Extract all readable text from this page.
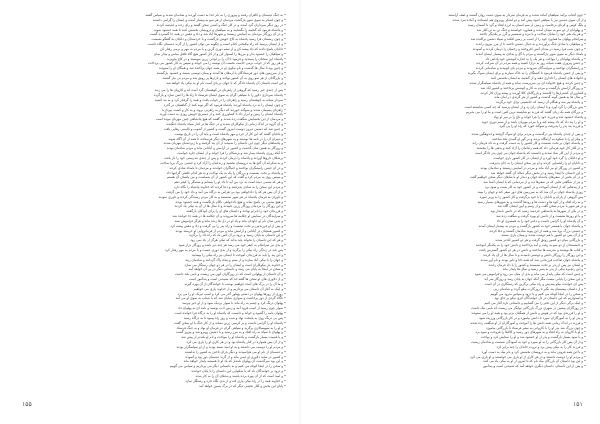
• به جنگ دشمنان و کافران رفتند و پیروزی را به نام خدا به دست آوردند و شادمان شدند و سپاس گفتند
• و چون لشکر به سوی شهر بازگشت مردمان از هر سو به پیشباز آمدند و ایشان را گرامی داشتند
• در روز دیگر سرداران گرد آمدند و در کار جنگ و آشتی سخن گفتند و رای زدند و اندیشه کردند
• و پادشاه فرمود که گنجینه را بگشایند و به سپاهیان و درویشان بخشش کنند تا همه خشنود شوند
• و در آن روزگار مردمان به آسایش زیستند و شهرها آباد شد و داد و دهش در همه جا گسترده گشت
• و چون زمستان فرا رسید پادشاه به کاخ خویش بازگشت و با خردمندان و دانایان به گفتگو نشست
• و از ایشان پرسید که راه نیکبختی کدام است و چگونه می توان کشور را از گزند دشمنان نگاه داشت
• دانایان پاسخ دادند که داد پیشه کن و از ستم دوری گزین و با مردم به مهر و نرمی رفتار کن
• و سپاهیان را خشنود بدار و مرزها را استوار کن و از کار کشور هیچ گاه غافل مباش و بیدار بمان
• پادشاه این سخنان را پسندید و فرمود تا آن را بر لوحی زرین بنویسند و در کاخ بیاویزند
• و هر روز که از خواب برمی خاست نخست آن نوشته را می خواند و سپس به کار کشور می پرداخت
• و چنین بود تا سال ها گذشت و نام نیکوی او در همه جهان پراکنده شد و همگان او را ستودند
• و از سرزمین های دور فرستادگان با ارمغان ها آمدند و پیمان دوستی بستند و خشنود بازگشتند
• و بازرگانان از هر سو روی به آن کشور نهادند و بازارها پر رونق شد و مردم بی نیاز گشتند
و این است داستان آن پادشاه دادگر که تا جهان بر پای است نام او به نیکی یاد خواهد شد
• پس از چندی خبر رسید که گروهی از راهزنان در کوهستان گرد آمده اند و کاروان ها را می زنند
• پادشاه سرداری دلاور را با سپاهی گران به سوی ایشان فرستاد تا راه ها را ایمن سازد و بازگردد
• سردار شبانه به کوهستان رسید و راهزنان را در خواب یافت و همه را گرفتار کرد و به بند کشید
• و چون ایشان را به نزد پادشاه آوردند پادشاه فرمود که اگر توبه کنند از گناهشان در گذرد
• راهزنان پشیمان شدند و سوگند خوردند که دیگر به راهزنی نروند و به کار و کشت بپردازند
• پادشاه ایشان را زمین و ابزار داد تا کشاورزی کنند و از دسترنج خویش روزی به دست آورند
• و مردمان از این بخشایش شگفت زده شدند و گفتند که هیچ پادشاهی چنین مهربان نبوده است
• و آن گروه در اندک زمانی از نیکوکاران شدند و در جنگ ها در کنار سپاه پادشاه جنگیدند
• و چنین شد که دشمن دیروز دوست امروز گشت و کشور از آشوب و ناایمنی رهایی یافت
• و دانایان گفتند که این کار از خرد و مهر پادشاه است و باید آن را در تاریخ نوشت
• و دبیران آن را در نامه ها نوشتند و به شهرهای دیگر فرستادند تا همه از آن آگاه شوند
• و پادشاهان دیگر چون این داستان را شنیدند از آن پند گرفتند و با زیردستان مهربان شدند
• و روزگار به همین سان گذشت و کشور در آرامش و آبادانی ماند و مردم شادمان بودند
• تا آنکه روزی پادشاه بیمار شد و پزشکان را فرا خواند و از ایشان چاره خواست
• پزشکان داروها آوردند و پادشاه را درمان کردند و پس از چندی تندرستی خود را باز یافت
• و به شکرانه آن گنج ها به درویشان بخشید و زندانیان را آزاد کرد و جشنی بزرگ برپا ساخت
• و در آن جشن رامشگران نواختند و خنیاگران خواندند و مردمان تا بامداد شادی کردند
• و پادشاه بر تخت نشست و بزرگان را یک به یک نواخت و به هر کدام خلعتی گرانبها داد
• و سپس روی به مردم کرد و گفت که این کشور از آن شماست و من پاسبان آن هستم
• و هر که ستمی دیده است به نزد من آید تا داد او را بستانم و ستمگر را کیفر دهم
• و مردم این سخن را به شادی پذیرفتند و دعا کردند که خداوند پادشاه را نگاه دارد
• و از آن پس هر که را دادخواهی بود بی هراس به درگاه می آمد و داد خود را می گرفت
• و داوران به فرمان پادشاه در هر شهر نشستند و به کار مردم رسیدگی کردند و داوری نمودند
• و هیچ ستمی بی پاسخ نماند و هیچ دادخواهی ناکام بازنگشت و همه خشنود بودند
• و این روزگار را مردمان روزگار زرین نامیدند و تا سال ها از آن به نیکی یاد کردند
• و فرزندان خود را نام او نهادند و داستان های او را برای کودکان بازگفتند
• و سرایندگان در ستایش او چکامه ها سرودند و آن چکامه ها در همه جا خوانده شد
• و بدین سان نام او جاودان ماند و یاد او در دل ها زنده ماند و هرگز فراموش نشد
• و پس از او فرزندش بر تخت نشست و راه پدر را پی گرفت و داد و دهش پیشه کرد
• و کشور همچنان در آبادانی و آرامش ماند و مردم از فرمانروایی او خرسند بودند
• و این داستان به پایان رسید و درود بر آن کس باد که راه داد را برگزید
• و هر که این داستان را بخواند باید بداند که نیکی هرگز از یاد نمی رود
• و بدی نیز سرانجام به کیفر خود می رسد هر چند دیر باشد و روزگار دراز شود
• پس باید در زندگی راه نیکی را برگزید و از بدی دوری جست و با مردم به مهر رفتار کرد
• و این پند را باید به فرزندان آموخت تا ایشان نیز راه نیکی را بپیمایند
• و جهان را با نیکی آباد سازند و از ستم و بیداد پاک گردانند و شادمان زیند
• و خداوند یار نیکوکاران است و ایشان را در هر دو جهان رستگار می سازد
• و سخن در اینجا به پایان می رسد و داستانی دیگر در پی آن خواهد آمد
• و آن داستان از پهلوانی است که در روزگاران کهن می زیست و نامی بلند داشت
• و از دلاوری های او سخن ها گفته اند که شنیدنی است و پندآموز است
• و ما آن را در برگ های آینده خواهیم نوشت تا خوانندگان از آن بهره گیرند
• و اینک به آغاز آن داستان می پردازیم و از خداوند یاری می خواهیم
• روزی از روزها پهلوان در دشتی پهناور گذر می کرد و اسب تیزتک او را می برد
• ناگاه گردی از دور برخاست و سواری نمایان شد که با شتاب به سوی او می آمد
• پهلوان درنگ کرد و چشم به راه ماند تا سوار نزدیک شود و از او خبر بپرسد
• سوار چون رسید از اسب فرود آمد و زمین ادب بوسید و نامه ای به پهلوان داد
• پهلوان نامه را گشود و خواند و دانست که پادشاه او را به درگاه فرا خوانده است
• پس بی درنگ روی به پایتخت نهاد و شب و روز راه پیمود تا به درگاه رسید
• پادشاه او را گرامی داشت و بر کرسی زرین نشاند و از کار جنگ با او سخن گفت
• و او را به سپهسالاری برگزید و سپاهی گران در فرمان او نهاد و به جنگ فرستاد
• و پهلوان با سپاه به راه افتاد و به مرز رسید و با دشمن روبرو شد و پیروز گشت
• و با غنیمت بسیار بازگشت و پادشاه او را بنواخت و نام او بلندتر از پیش شد
• و از آن پس همواره در کنار پادشاه بود و در هر کاری او را یاری می کرد
• و مردم او را دوست می داشتند و به او امید بسته بودند و از او سپاسگزار بودند
• و دشمنان از نام او می هراسیدند و دیگر یارای تاختن به کشور را نداشتند
• و کشور در سایه دلاوری او ایمن ماند و از گزند دشمنان دور بود و آسوده
• و این بود سرگذشت آن پهلوان نامدار که یاد او تا همیشه پایدار خواهد ماند
• و سخن را در اینجا کوتاه می کنیم و به داستانی دیگر می پردازیم و سپاس می گوییم
• و درود بر خوانندگان باد که با شکیبایی این داستان را تا پایان خواندند
• و امید است که از آن بهره برده باشند و پندهای آن را به کار بندند
• و خداوند همه را در راه نیکی یاری کند و از بدی نگاه دارد و رستگار سازد
• پایان این بخش و آغاز بخشی دیگر که در برگ پسین خواهد آمد
۱۵۵
• چون آفتاب برآمد سپاهیان آماده شدند و به فرمان سردار به سوی دشت روان گشتند و صف آراستند
و از آن سوی دشمن نیز با سپاهی انبوه پیش آمد و دو لشکر روبروی هم ایستادند و آماده نبرد شدند
و بانگ کوس و کرنای برخاست و زمین از سم اسبان به لرزه افتاد و گرد تا آسمان رسید
• و پهلوانان از دو سو به میدان آمدند و هماورد خواستند و جنگ تن به تن آغاز شد
• و هر یک هنر خود را نمایان ساخت و با نیزه و شمشیر و گرز بر یکدیگر تاختند
و سرانجام پهلوان ما هماورد خود را از اسب بر زمین افکند و سپاه دشمن پراکنده شد
• و سپاهیان با شادی بانگ برآوردند و به دنبال دشمن تاختند تا از مرز بیرون راندند
• و چون شب فرا رسید در میدان آتش افروختند و زخمیان را درمان کردند و آسودند
و بامداد دیگر به سوی شهر بازگشتند و مردم با گل و شادی به پیشباز ایشان آمدند
• و پادشاه پهلوانان را بنواخت و هر یک را به اندازه کوشش خود پاداش داد
• و جشن پیروزی هفت شبانه روز به درازا کشید و همه مردم در آن شرکت کردند
• و رامشگران نواختند و سرایندگان سرودند و مردم پای کوبیدند و شادمانی کردند
• و پس از جشن پادشاه فرمود تا کشتگان را به خاک سپارند و برای ایشان سوگ بگیرند
و خانواده های ایشان را دلداری دهند و از گنجینه به ایشان بخشش کنند
• و چنین کردند و هیچ خانواده ای بی سرپرست نماند و همه از پادشاه سپاسگزار شدند
• و روزگار آرامش بازگشت و مردم به کار و کوشش پرداختند و کشور آباد شد
و کشاورزان کشتزارها را کاشتند و بازرگانان کالا آوردند و پیشه وران کار کردند
• و سال ها به همین گونه گذشت و کشور از هر گزندی در امان ماند
• و پادشاه پیر شد و هنگام آن رسید که جانشینی برای خود برگزیند
• پس بزرگان را گرد آورد و با ایشان رای زد و از ایشان پرسید که چه کسی شایسته است
• و بزرگان همه یک زبان گفتند که فرزند تو شایسته ترین کس است و ما او را می پذیریم
و پادشاه خشنود شد و فرزند خود را فرا خواند و تاج را بر سر او نهاد
• و او را پند داد که داد پیشه کند و با مردم مهربان باشد و از ستم دوری جوید
• و فرزند پند پدر را پذیرفت و سوگند خورد که راه او را پی گیرد
• و پس از چندی پادشاه پیر درگذشت و مردم برای او سوگ گرفتند و اندوهگین شدند
• و پیکر او را با شکوه به آرامگاه بردند و بر گور او گنبدی بلند ساختند
• و پادشاه جوان بر تخت نشست و کار کشور را به دست گرفت و به داد فرمان راند
• و در آغاز کار خود فرمانی داد که همه زندانیان را آزاد کنند و بدهی ها را ببخشند
• و مردم از این کار شاد شدند و دانستند که پادشاه جوان نیز چون پدر دادگر است
• و او دانایان را گرد خود آورد و از ایشان در کار کشور یاری خواست
• و دانایان او را راهنمایی کردند و او نیز سخن ایشان را به جان پذیرفت
• و کشور در روزگار او نیز آباد ماند و مردم در آسایش زیستند و شادمان بودند
• و این داستان تا اینجا رسید و در بخش دیگر دنباله آن گفته خواهد شد
• و در آن بخش از سفرهای پادشاه جوان و دیدار او با شاهان دیگر سخن خواهیم گفت
• و نیز از شگفتی هایی که در سفرها دید و از مردمانی که با ایشان آشنا شد
• و از پندهایی که از ایشان آموخت و در کشور خود به کار بست و سود برد
• روزی پادشاه جوان بر آن شد که به سرزمین های دور سفر کند و جهان را ببیند
• پس گروهی از یاران و دانایان را با خود برگرفت و کار کشور را به وزیر سپرد
• و به راه افتاد و از کوه ها و دشت ها و رودها گذشت و به شهرهای بسیار رسید
و در هر شهر با مردم سخن گفت و از رسم و آیین ایشان آگاه شد
• و در یکی از شهرها به پادشاهی خردمند رسید که در دانش نامدار بود
• و با او روزها نشست و از دانش او بهره گرفت و شگفت زده شد
• و آن پادشاه او را گرامی داشت و دختر خود را به همسری او داد
• و پادشاه جوان با همسر خود به کشور بازگشت و مردم به پیشباز ایشان آمدند
• و جشنی بزرگ برپا شد و همه از این پیوند شادمان گشتند و دعا کردند
• و از آن پس دو کشور با هم دوست شدند و پیمان یاری بستند
• و بازرگانی میان دو کشور رونق گرفت و هر دو کشور آبادتر شدند
• و دانشمندان از دو سو به رفت و آمد پرداختند و دانش خود را به یکدیگر آموختند
• و کتاب ها نوشتند و مدرسه ها ساختند و دانش در هر دو کشور گسترش یافت
• و این روزگار را روزگار دانش و دوستی نامیدند و تا سال ها از آن یاد کردند
• و پادشاه جوان صاحب فرزندانی شد که همه دانا و دلیر بودند و نام آور شدند
• و ایشان نیز پس از پدر بر تخت نشستند و کشور را با داد فرمان راندند
• و این زنجیره نیکی از پدر به پسر رسید و سال ها پایدار ماند
• و چنین است که نیکی پایدار می ماند و بدی از میان می رود و فراموش می شود
• و این سخن را پایانی نیست مگر آنکه جهان به پایان رسد و روزگار سر آید
• پس ای خواننده نیکو بیندیش و راه نیکی برگزین که رستگاری در آن است
• و از داستان پیشینیان پند بگیر تا روزگارت نیکو گردد و شادمان زیی
• و سخن را در اینجا کوتاه می کنیم و با درود و سپاس بدرود می گوییم
• و امیدواریم که این داستان در دل خوانندگان اثری نیکو بر جای نهد
• و اینک برگی دیگر از این دفتر را می گشاییم و داستانی تازه آغاز می کنیم
• در روزگاران پیشین در شهری بزرگ بازرگانی توانگر می زیست که نامی نیک داشت
• و او را فرزندی بود که در هوش و دانش از همگنان برتر بود و همه او را می ستودند
• و پدر او را به آموزگاران سپرد تا دانش بیاموزد و در کار بازرگانی ورزیده شود
• و فرزند در اندک زمانی همه دانش ها را آموخت و آموزگاران از او شگفت زده شدند
• و چون بزرگ شد پدر او را با کاروانی به سفر فرستاد تا بازرگانی بیاموزد
• و او با کاروان به راه افتاد و به شهرهای دور رسید و کالاها را فروخت و سود برد
• و با سود بسیار بازگشت و پدر از او خشنود شد و او را ستایش کرد و نواخت
• و از آن پس کار بازرگانی را به او سپرد و خود به آسودگی نشست و شادمان زیست
• و فرزند کار را به نیکی پیش برد و ثروت خاندان را چند برابر کرد
• و با این همه فروتن ماند و به درویشان بخشش کرد و نام نیک به دست آورد
• و مردم او را دوست داشتند و در هر کاری از او یاری می خواستند و او یاری می کرد
• و این بود داستان آن بازرگان نیک نام که تا امروز از او به نیکی یاد می کنند
• و پس از این داستان، داستان دیگری خواهد آمد که شنیدنی است و پندآموز
۱۵۱
